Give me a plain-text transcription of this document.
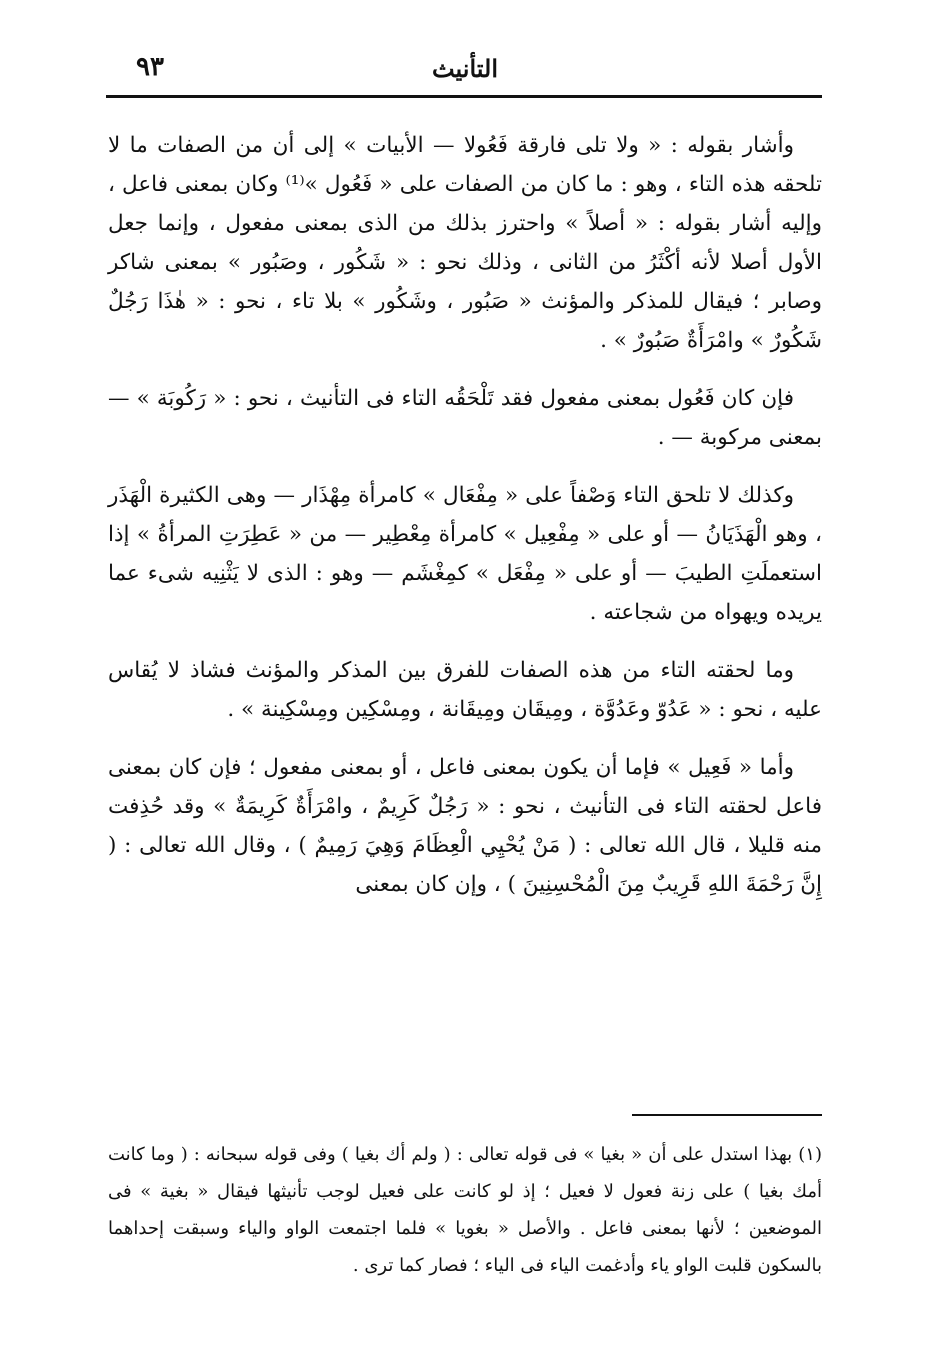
٩٣	التأنيث

وأشار بقوله : « ولا تلى فارقة فَعُولا — الأبيات » إلى أن من الصفات ما لا تلحقه هذه التاء ، وهو : ما كان من الصفات على « فَعُول »⁽¹⁾ وكان بمعنى فاعل ، وإليه أشار بقوله : « أصلاً » واحترز بذلك من الذى بمعنى مفعول ، وإنما جعل الأول أصلا لأنه أكْثَرُ من الثانى ، وذلك نحو : « شَكُور ، وصَبُور » بمعنى شاكر وصابر ؛ فيقال للمذكر والمؤنث « صَبُور ، وشَكُور » بلا تاء ، نحو : « هٰذَا رَجُلٌ شَكُورٌ » وامْرَأَةٌ صَبُورٌ » .

فإن كان فَعُول بمعنى مفعول فقد تَلْحَقُه التاء فى التأنيث ، نحو : « رَكُوبَة » — بمعنى مركوبة — .

وكذلك لا تلحق التاء وَصْفاً على « مِفْعَال » كامرأة مِهْذَار — وهى الكثيرة الْهَذَر ، وهو الْهَذَيَانُ — أو على « مِفْعِيل » كامرأة مِعْطِير — من « عَطِرَتِ المرأةُ » إذا استعملَتِ الطيبَ — أو على « مِفْعَل » كمِغْشَم — وهو : الذى لا يَثْنِيه شىء عما يريده ويهواه من شجاعته .

وما لحقته التاء من هذه الصفات للفرق بين المذكر والمؤنث فشاذ لا يُقاس عليه ، نحو : « عَدُوّ وعَدُوَّة ، ومِيقَان ومِيقَانة ، ومِسْكِين ومِسْكِينة » .

وأما « فَعِيل » فإما أن يكون بمعنى فاعل ، أو بمعنى مفعول ؛ فإن كان بمعنى فاعل لحقته التاء فى التأنيث ، نحو : « رَجُلٌ كَرِيمٌ ، وامْرَأَةٌ كَرِيمَةٌ » وقد حُذِفت منه قليلا ، قال الله تعالى : ( مَنْ يُحْيِي الْعِظَامَ وَهِيَ رَمِيمٌ ) ، وقال الله تعالى : ( إِنَّ رَحْمَةَ اللهِ قَرِيبٌ مِنَ الْمُحْسِنِينَ ) ، وإن كان بمعنى

(١) بهذا استدل على أن « بغيا » فى قوله تعالى : ( ولم أك بغيا ) وفى قوله سبحانه : ( وما كانت أمك بغيا ) على زنة فعول لا فعيل ؛ إذ لو كانت على فعيل لوجب تأنيثها فيقال « بغية » فى الموضعين ؛ لأنها بمعنى فاعل . والأصل « بغويا » فلما اجتمعت الواو والياء وسبقت إحداهما بالسكون قلبت الواو ياء وأدغمت الياء فى الياء ؛ فصار كما ترى .
